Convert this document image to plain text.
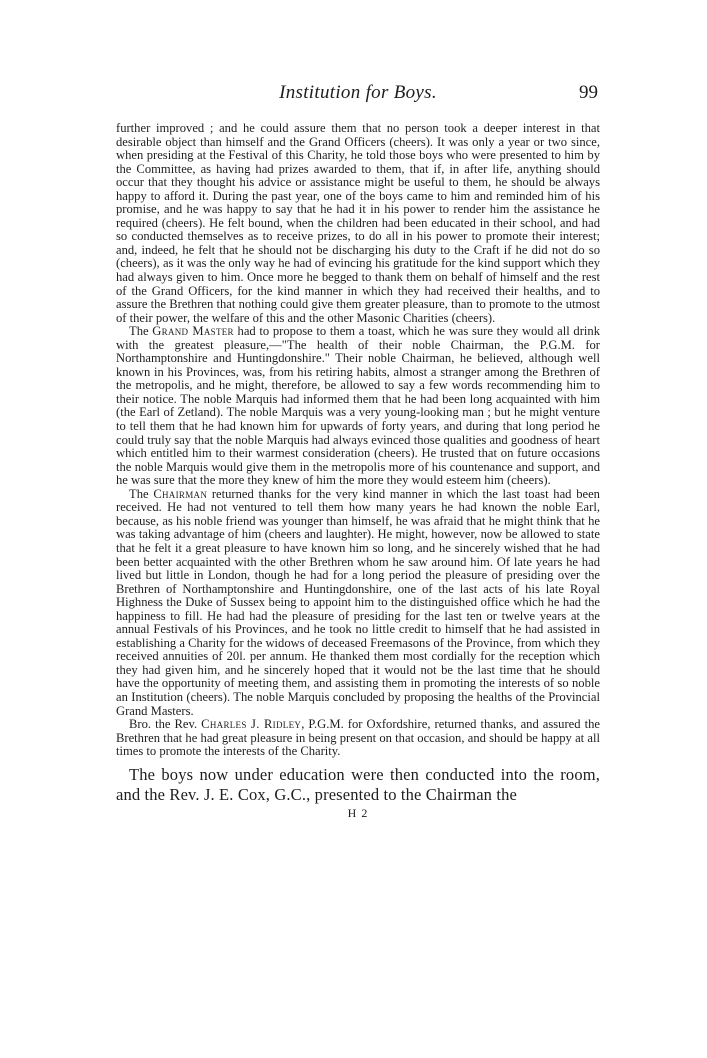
Institution for Boys.	99

further improved ; and he could assure them that no person took a deeper interest in that desirable object than himself and the Grand Officers (cheers). It was only a year or two since, when presiding at the Festival of this Charity, he told those boys who were presented to him by the Committee, as having had prizes awarded to them, that if, in after life, anything should occur that they thought his advice or assistance might be useful to them, he should be always happy to afford it. During the past year, one of the boys came to him and reminded him of his promise, and he was happy to say that he had it in his power to render him the assistance he required (cheers). He felt bound, when the children had been educated in their school, and had so conducted themselves as to receive prizes, to do all in his power to promote their interest; and, indeed, he felt that he should not be discharging his duty to the Craft if he did not do so (cheers), as it was the only way he had of evincing his gratitude for the kind support which they had always given to him. Once more he begged to thank them on behalf of himself and the rest of the Grand Officers, for the kind manner in which they had received their healths, and to assure the Brethren that nothing could give them greater pleasure, than to promote to the utmost of their power, the welfare of this and the other Masonic Charities (cheers).

The Grand Master had to propose to them a toast, which he was sure they would all drink with the greatest pleasure,—"The health of their noble Chairman, the P.G.M. for Northamptonshire and Huntingdonshire." Their noble Chairman, he believed, although well known in his Provinces, was, from his retiring habits, almost a stranger among the Brethren of the metropolis, and he might, therefore, be allowed to say a few words recommending him to their notice. The noble Marquis had informed them that he had been long acquainted with him (the Earl of Zetland). The noble Marquis was a very young-looking man ; but he might venture to tell them that he had known him for upwards of forty years, and during that long period he could truly say that the noble Marquis had always evinced those qualities and goodness of heart which entitled him to their warmest consideration (cheers). He trusted that on future occasions the noble Marquis would give them in the metropolis more of his countenance and support, and he was sure that the more they knew of him the more they would esteem him (cheers).

The Chairman returned thanks for the very kind manner in which the last toast had been received. He had not ventured to tell them how many years he had known the noble Earl, because, as his noble friend was younger than himself, he was afraid that he might think that he was taking advantage of him (cheers and laughter). He might, however, now be allowed to state that he felt it a great pleasure to have known him so long, and he sincerely wished that he had been better acquainted with the other Brethren whom he saw around him. Of late years he had lived but little in London, though he had for a long period the pleasure of presiding over the Brethren of Northamptonshire and Huntingdonshire, one of the last acts of his late Royal Highness the Duke of Sussex being to appoint him to the distinguished office which he had the happiness to fill. He had had the pleasure of presiding for the last ten or twelve years at the annual Festivals of his Provinces, and he took no little credit to himself that he had assisted in establishing a Charity for the widows of deceased Freemasons of the Province, from which they received annuities of 20l. per annum. He thanked them most cordially for the reception which they had given him, and he sincerely hoped that it would not be the last time that he should have the opportunity of meeting them, and assisting them in promoting the interests of so noble an Institution (cheers). The noble Marquis concluded by proposing the healths of the Provincial Grand Masters.

Bro. the Rev. Charles J. Ridley, P.G.M. for Oxfordshire, returned thanks, and assured the Brethren that he had great pleasure in being present on that occasion, and should be happy at all times to promote the interests of the Charity.

The boys now under education were then conducted into the room, and the Rev. J. E. Cox, G.C., presented to the Chairman the
H 2
